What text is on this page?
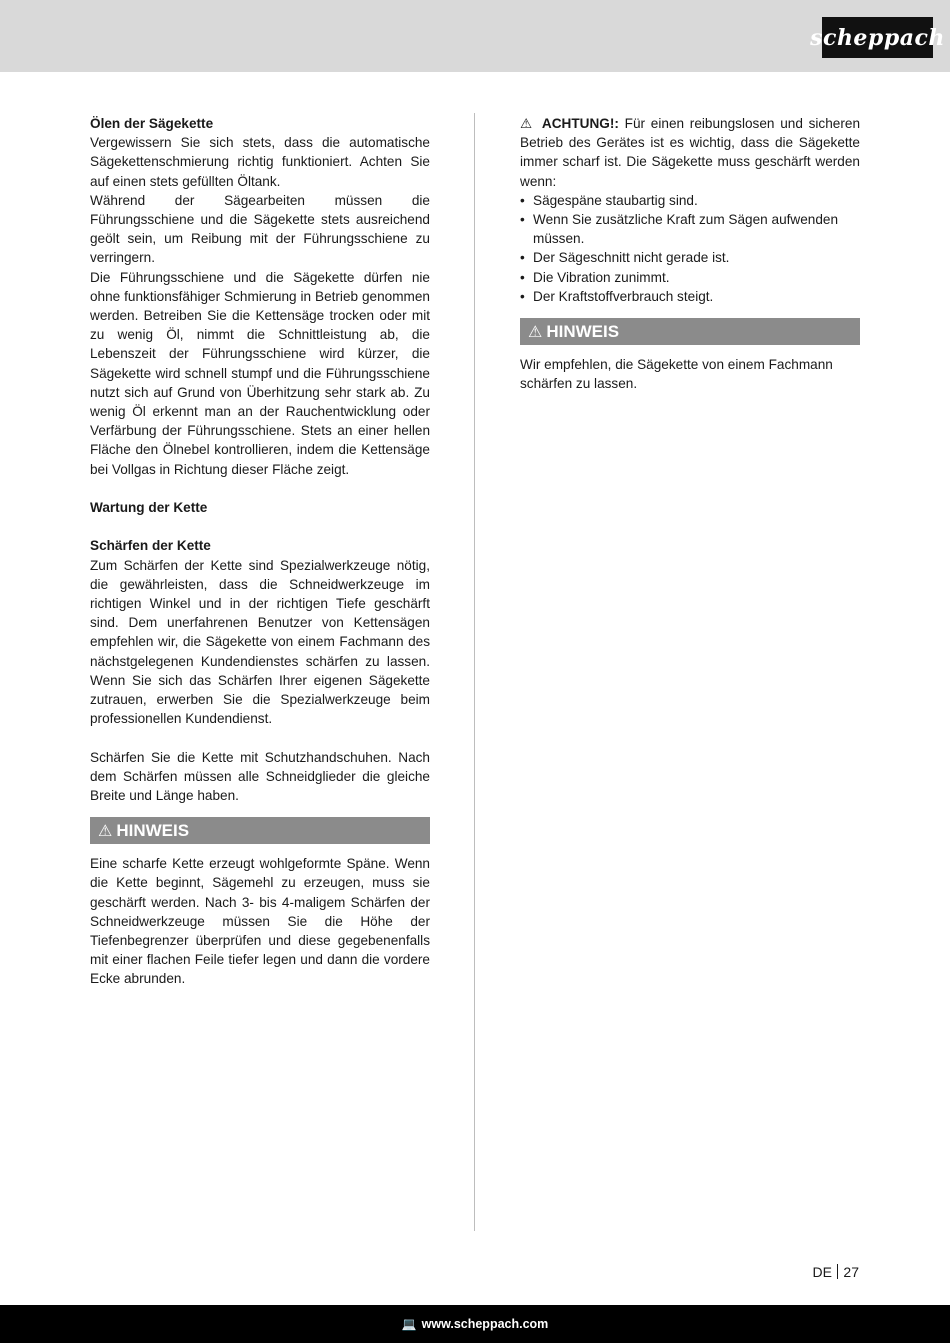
scheppach
Ölen der Sägekette

Vergewissern Sie sich stets, dass die automatische Sägekettenschmierung richtig funktioniert. Achten Sie auf einen stets gefüllten Öltank.

Während der Sägearbeiten müssen die Führungsschiene und die Sägekette stets ausreichend geölt sein, um Reibung mit der Führungsschiene zu verringern.

Die Führungsschiene und die Sägekette dürfen nie ohne funktionsfähiger Schmierung in Betrieb genommen werden. Betreiben Sie die Kettensäge trocken oder mit zu wenig Öl, nimmt die Schnittleistung ab, die Lebenszeit der Führungsschiene wird kürzer, die Sägekette wird schnell stumpf und die Führungsschiene nutzt sich auf Grund von Überhitzung sehr stark ab. Zu wenig Öl erkennt man an der Rauchentwicklung oder Verfärbung der Führungsschiene. Stets an einer hellen Fläche den Ölnebel kontrollieren, indem die Kettensäge bei Vollgas in Richtung dieser Fläche zeigt.

Wartung der Kette
Schärfen der Kette

Zum Schärfen der Kette sind Spezialwerkzeuge nötig, die gewährleisten, dass die Schneidwerkzeuge im richtigen Winkel und in der richtigen Tiefe geschärft sind. Dem unerfahrenen Benutzer von Kettensägen empfehlen wir, die Sägekette von einem Fachmann des nächstgelegenen Kundendienstes schärfen zu lassen. Wenn Sie sich das Schärfen Ihrer eigenen Sägekette zutrauen, erwerben Sie die Spezialwerkzeuge beim professionellen Kundendienst.

Schärfen Sie die Kette mit Schutzhandschuhen. Nach dem Schärfen müssen alle Schneidglieder die gleiche Breite und Länge haben.

⚠ HINWEIS

Eine scharfe Kette erzeugt wohlgeformte Späne. Wenn die Kette beginnt, Sägemehl zu erzeugen, muss sie geschärft werden. Nach 3- bis 4-maligem Schärfen der Schneidwerkzeuge müssen Sie die Höhe der Tiefenbegrenzer überprüfen und diese gegebenenfalls mit einer flachen Feile tiefer legen und dann die vordere Ecke abrunden.

⚠ ACHTUNG!: Für einen reibungslosen und sicheren Betrieb des Gerätes ist es wichtig, dass die Sägekette immer scharf ist. Die Sägekette muss geschärft werden wenn:

• Sägespäne staubartig sind.
• Wenn Sie zusätzliche Kraft zum Sägen aufwenden müssen.
• Der Sägeschnitt nicht gerade ist.
• Die Vibration zunimmt.
• Der Kraftstoffverbrauch steigt.
⚠ HINWEIS

Wir empfehlen, die Sägekette von einem Fachmann schärfen zu lassen.

DE 27
💻 www.scheppach.com
